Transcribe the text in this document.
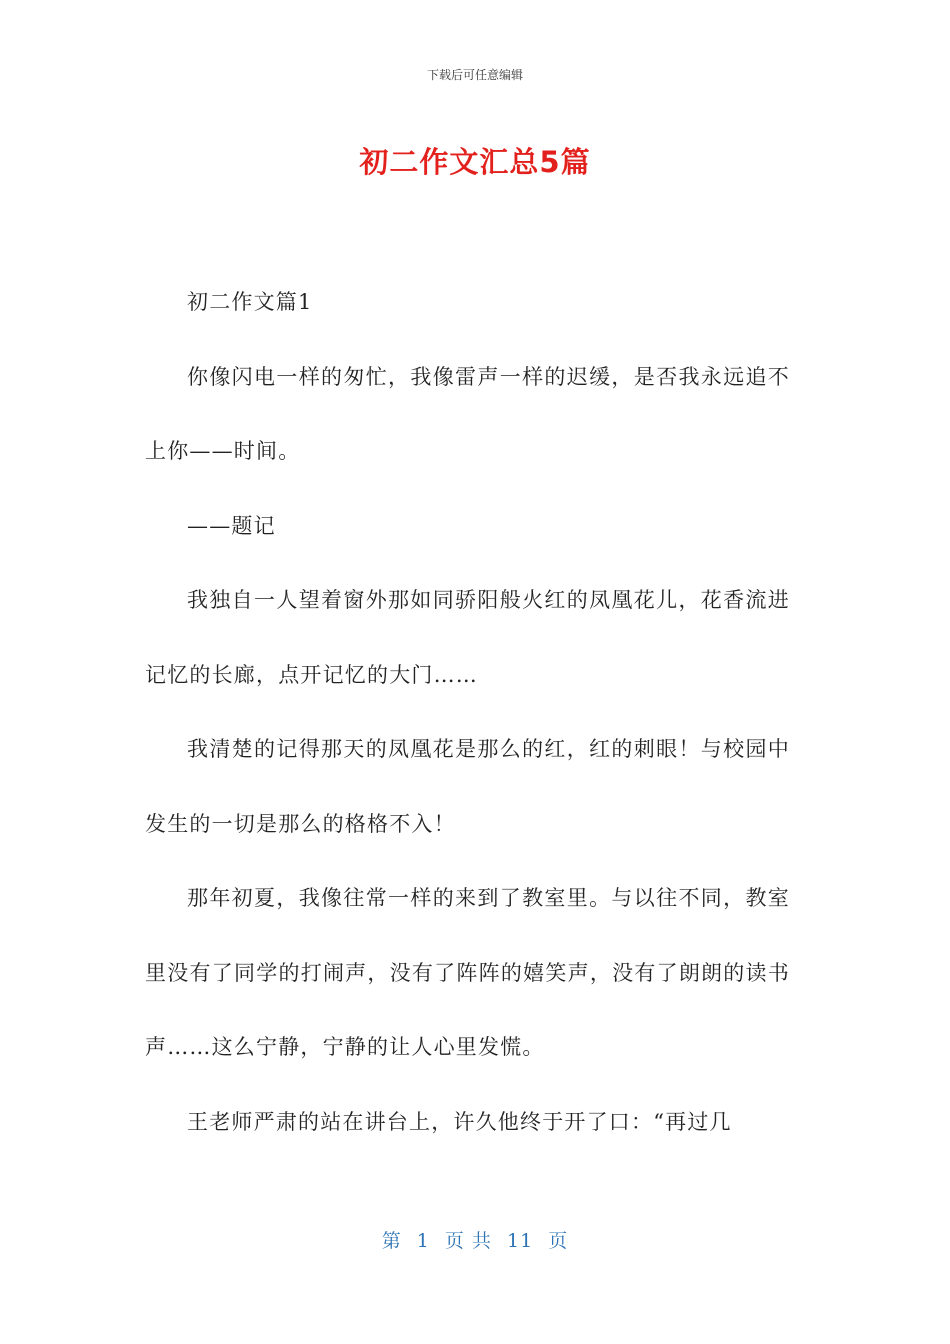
下载后可任意编辑
初二作文汇总5篇

初二作文篇1

你像闪电一样的匆忙，我像雷声一样的迟缓，是否我永远追不上你——时间。

——题记

我独自一人望着窗外那如同骄阳般火红的凤凰花儿，花香流进记忆的长廊，点开记忆的大门……

我清楚的记得那天的凤凰花是那么的红，红的刺眼！与校园中发生的一切是那么的格格不入！

那年初夏，我像往常一样的来到了教室里。与以往不同，教室里没有了同学的打闹声，没有了阵阵的嬉笑声，没有了朗朗的读书声……这么宁静，宁静的让人心里发慌。

王老师严肃的站在讲台上，许久他终于开了口：“再过几

第 1 页 共 11 页
